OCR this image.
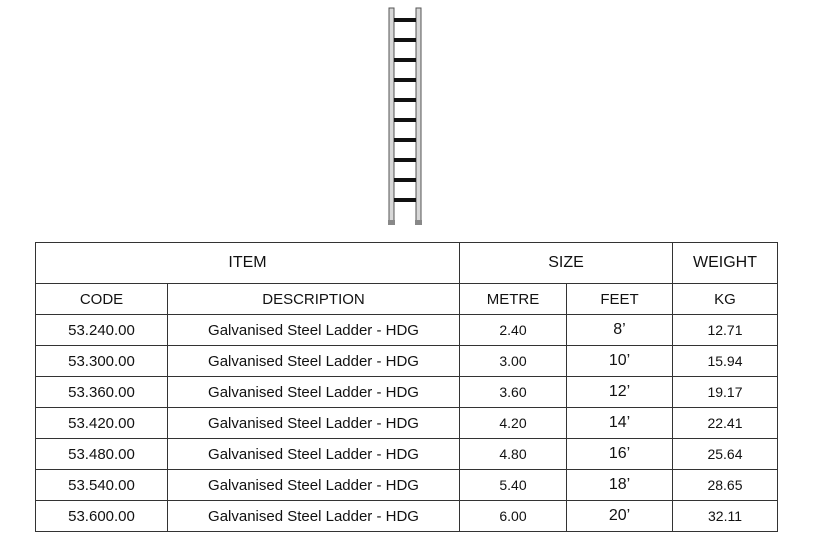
ITEM		SIZE		WEIGHT
CODE	DESCRIPTION	METRE	FEET	KG
53.240.00	Galvanised Steel Ladder - HDG	2.40	8’	12.71
53.300.00	Galvanised Steel Ladder - HDG	3.00	10’	15.94
53.360.00	Galvanised Steel Ladder - HDG	3.60	12’	19.17
53.420.00	Galvanised Steel Ladder - HDG	4.20	14’	22.41
53.480.00	Galvanised Steel Ladder - HDG	4.80	16’	25.64
53.540.00	Galvanised Steel Ladder - HDG	5.40	18’	28.65
53.600.00	Galvanised Steel Ladder - HDG	6.00	20’	32.11
